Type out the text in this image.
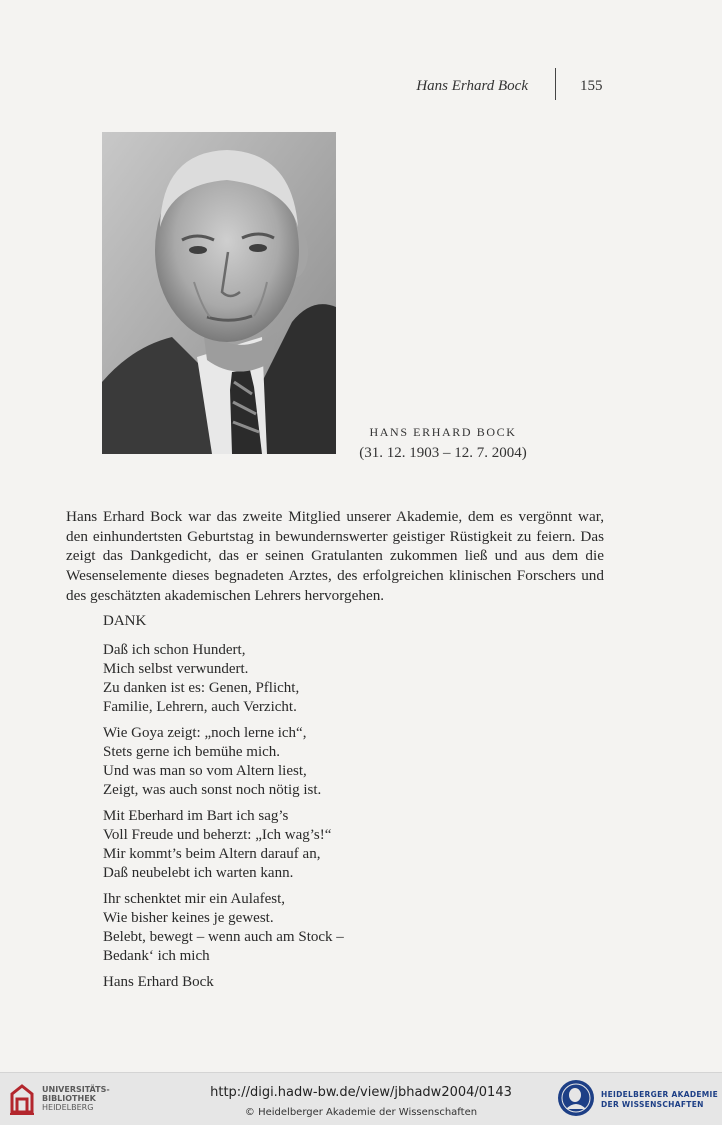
Hans Erhard Bock	155
HANS ERHARD BOCK
(31. 12. 1903 – 12. 7. 2004)

Hans Erhard Bock war das zweite Mitglied unserer Akademie, dem es vergönnt war, den einhundertsten Geburtstag in bewundernswerter geistiger Rüstigkeit zu feiern. Das zeigt das Dankgedicht, das er seinen Gratulanten zukommen ließ und aus dem die Wesenselemente dieses begnadeten Arztes, des erfolgreichen klinischen Forschers und des geschätzten akademischen Lehrers hervorgehen.

DANK
Daß ich schon Hundert,
Mich selbst verwundert.
Zu danken ist es: Genen, Pflicht,
Familie, Lehrern, auch Verzicht.
Wie Goya zeigt: „noch lerne ich“,
Stets gerne ich bemühe mich.
Und was man so vom Altern liest,
Zeigt, was auch sonst noch nötig ist.
Mit Eberhard im Bart ich sag’s
Voll Freude und beherzt: „Ich wag’s!“
Mir kommt’s beim Altern darauf an,
Daß neubelebt ich warten kann.
Ihr schenktet mir ein Aulafest,
Wie bisher keines je gewest.
Belebt, bewegt – wenn auch am Stock –
Bedank‘ ich mich
Hans Erhard Bock
UNIVERSITÄTS-
BIBLIOTHEK
HEIDELBERG
http://digi.hadw-bw.de/view/jbhadw2004/0143
© Heidelberger Akademie der Wissenschaften
HEIDELBERGER AKADEMIE
DER WISSENSCHAFTEN
